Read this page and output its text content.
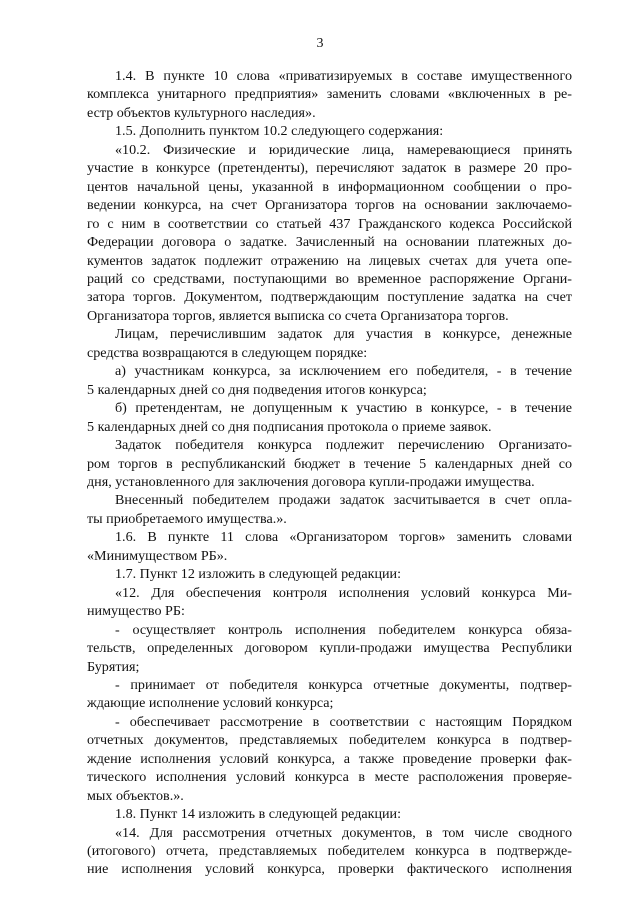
3
1.4. В пункте 10 слова «приватизируемых в составе имущественного
комплекса унитарного предприятия» заменить словами «включенных в ре-
естр объектов культурного наследия».
1.5. Дополнить пунктом 10.2 следующего содержания:
«10.2. Физические и юридические лица, намеревающиеся принять
участие в конкурсе (претенденты), перечисляют задаток в размере 20 про-
центов начальной цены, указанной в информационном сообщении о про-
ведении конкурса, на счет Организатора торгов на основании заключаемо-
го с ним в соответствии со статьей 437 Гражданского кодекса Российской
Федерации договора о задатке. Зачисленный на основании платежных до-
кументов задаток подлежит отражению на лицевых счетах для учета опе-
раций со средствами, поступающими во временное распоряжение Органи-
затора торгов. Документом, подтверждающим поступление задатка на счет
Организатора торгов, является выписка со счета Организатора торгов.
Лицам, перечислившим задаток для участия в конкурсе, денежные
средства возвращаются в следующем порядке:
а) участникам конкурса, за исключением его победителя, - в течение
5 календарных дней со дня подведения итогов конкурса;
б) претендентам, не допущенным к участию в конкурсе, - в течение
5 календарных дней со дня подписания протокола о приеме заявок.
Задаток победителя конкурса подлежит перечислению Организато-
ром торгов в республиканский бюджет в течение 5 календарных дней со
дня, установленного для заключения договора купли-продажи имущества.
Внесенный победителем продажи задаток засчитывается в счет опла-
ты приобретаемого имущества.».
1.6. В пункте 11 слова «Организатором торгов» заменить словами
«Минимуществом РБ».
1.7. Пункт 12 изложить в следующей редакции:
«12. Для обеспечения контроля исполнения условий конкурса Ми-
нимущество РБ:
- осуществляет контроль исполнения победителем конкурса обяза-
тельств, определенных договором купли-продажи имущества Республики
Бурятия;
- принимает от победителя конкурса отчетные документы, подтвер-
ждающие исполнение условий конкурса;
- обеспечивает рассмотрение в соответствии с настоящим Порядком
отчетных документов, представляемых победителем конкурса в подтвер-
ждение исполнения условий конкурса, а также проведение проверки фак-
тического исполнения условий конкурса в месте расположения проверяе-
мых объектов.».
1.8. Пункт 14 изложить в следующей редакции:
«14. Для рассмотрения отчетных документов, в том числе сводного
(итогового) отчета, представляемых победителем конкурса в подтвержде-
ние исполнения условий конкурса, проверки фактического исполнения
